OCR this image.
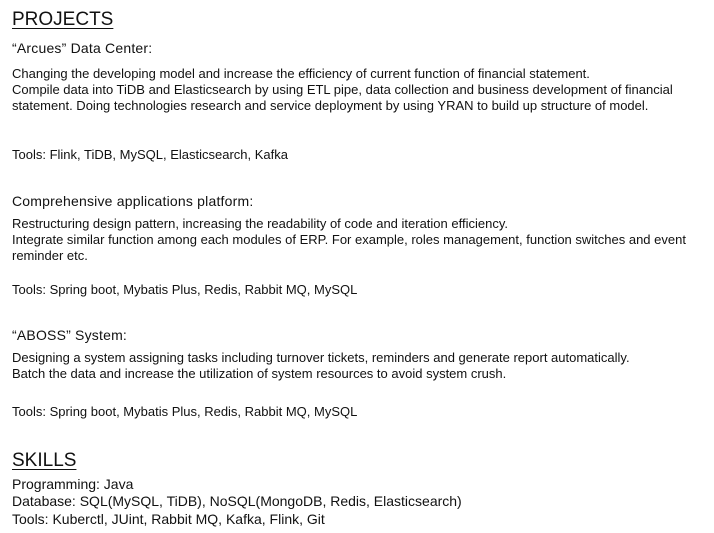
PROJECTS
“Arcues” Data Center:
Changing the developing model and increase the efficiency of current function of financial statement.
Compile data into TiDB and Elasticsearch by using ETL pipe, data collection and business development of financial statement. Doing technologies research and service deployment by using YRAN to build up structure of model.
Tools: Flink, TiDB, MySQL, Elasticsearch, Kafka
Comprehensive applications platform:
Restructuring design pattern, increasing the readability of code and iteration efficiency.
Integrate similar function among each modules of ERP. For example, roles management, function switches and event reminder etc.
Tools: Spring boot, Mybatis Plus, Redis, Rabbit MQ, MySQL
“ABOSS” System:
Designing a system assigning tasks including turnover tickets, reminders and generate report automatically.
Batch the data and increase the utilization of system resources to avoid system crush.
Tools: Spring boot, Mybatis Plus, Redis, Rabbit MQ, MySQL
SKILLS
Programming: Java
Database: SQL(MySQL, TiDB), NoSQL(MongoDB, Redis, Elasticsearch)
Tools: Kuberctl, JUint, Rabbit MQ, Kafka, Flink, Git
